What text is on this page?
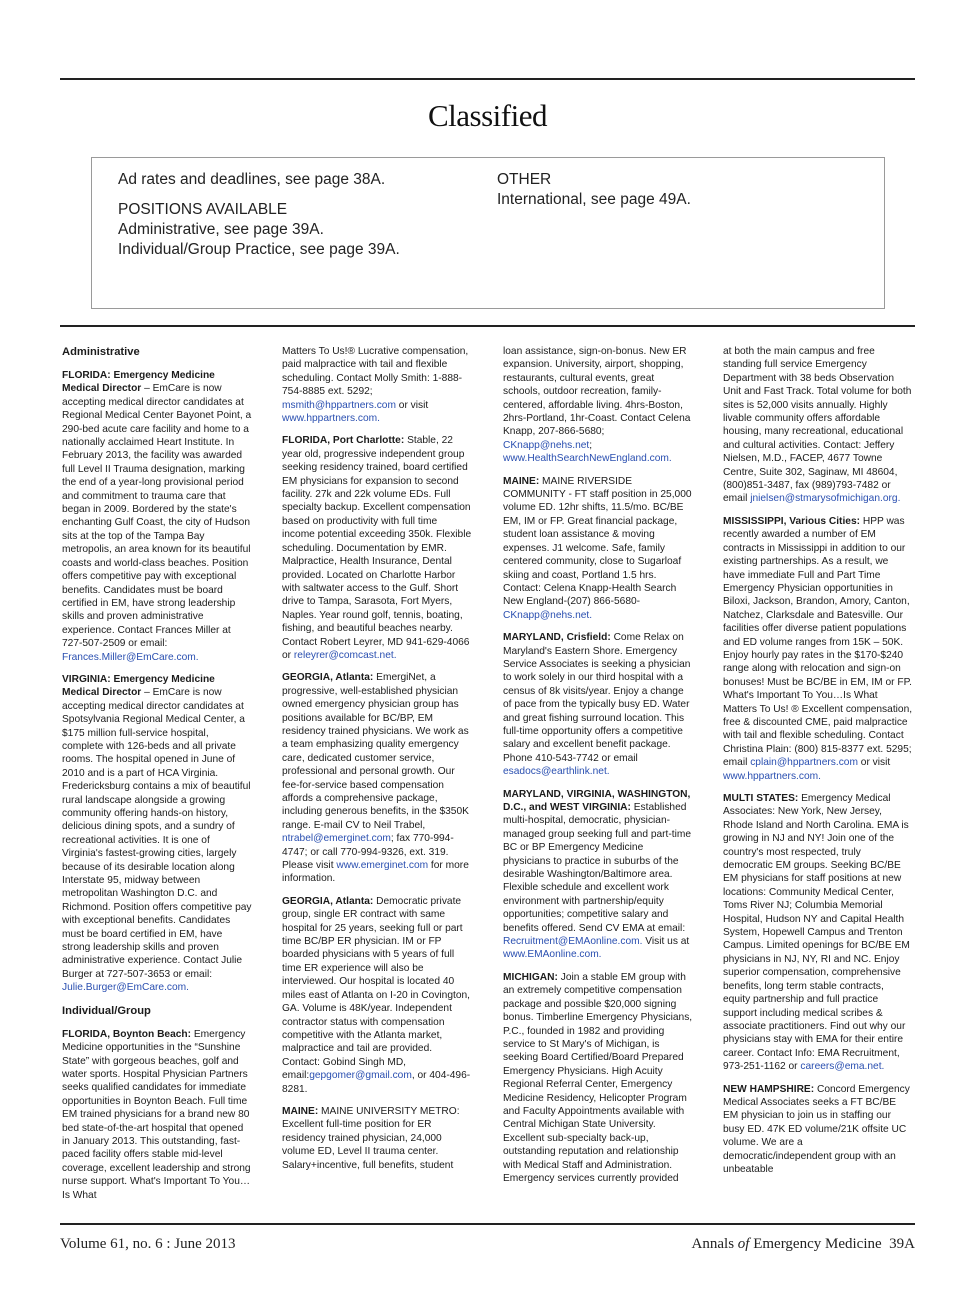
Classified
Ad rates and deadlines, see page 38A.
POSITIONS AVAILABLE
Administrative, see page 39A.
Individual/Group Practice, see page 39A.
OTHER
International, see page 49A.
Administrative

FLORIDA: Emergency Medicine Medical Director – EmCare is now accepting medical director candidates at Regional Medical Center Bayonet Point, a 290-bed acute care facility and home to a nationally acclaimed Heart Institute. In February 2013, the facility was awarded full Level II Trauma designation, marking the end of a year-long provisional period and commitment to trauma care that began in 2009. Bordered by the state's enchanting Gulf Coast, the city of Hudson sits at the top of the Tampa Bay metropolis, an area known for its beautiful coasts and world-class beaches. Position offers competitive pay with exceptional benefits. Candidates must be board certified in EM, have strong leadership skills and proven administrative experience. Contact Frances Miller at 727-507-2509 or email: Frances.Miller@EmCare.com.

VIRGINIA: Emergency Medicine Medical Director – EmCare is now accepting medical director candidates at Spotsylvania Regional Medical Center, a $175 million full-service hospital, complete with 126-beds and all private rooms. The hospital opened in June of 2010 and is a part of HCA Virginia. Fredericksburg contains a mix of beautiful rural landscape alongside a growing community offering hands-on history, delicious dining spots, and a sundry of recreational activities. It is one of Virginia's fastest-growing cities, largely because of its desirable location along Interstate 95, midway between metropolitan Washington D.C. and Richmond. Position offers competitive pay with exceptional benefits. Candidates must be board certified in EM, have strong leadership skills and proven administrative experience. Contact Julie Burger at 727-507-3653 or email: Julie.Burger@EmCare.com.

Individual/Group

FLORIDA, Boynton Beach: Emergency Medicine opportunities in the “Sunshine State” with gorgeous beaches, golf and water sports. Hospital Physician Partners seeks qualified candidates for immediate opportunities in Boynton Beach. Full time EM trained physicians for a brand new 80 bed state-of-the-art hospital that opened in January 2013. This outstanding, fast-paced facility offers stable mid-level coverage, excellent leadership and strong nurse support. What's Important To You…Is What

Matters To Us!® Lucrative compensation, paid malpractice with tail and flexible scheduling. Contact Molly Smith: 1-888-754-8885 ext. 5292; msmith@hppartners.com or visit www.hppartners.com.

FLORIDA, Port Charlotte: Stable, 22 year old, progressive independent group seeking residency trained, board certified EM physicians for expansion to second facility. 27k and 22k volume EDs. Full specialty backup. Excellent compensation based on productivity with full time income potential exceeding 350k. Flexible scheduling. Documentation by EMR. Malpractice, Health Insurance, Dental provided. Located on Charlotte Harbor with saltwater access to the Gulf. Short drive to Tampa, Sarasota, Fort Myers, Naples. Year round golf, tennis, boating, fishing, and beautiful beaches nearby. Contact Robert Leyrer, MD 941-629-4066 or releyrer@comcast.net.

GEORGIA, Atlanta: EmergiNet, a progressive, well-established physician owned emergency physician group has positions available for BC/BP, EM residency trained physicians. We work as a team emphasizing quality emergency care, dedicated customer service, professional and personal growth. Our fee-for-service based compensation affords a comprehensive package, including generous benefits, in the $350K range. E-mail CV to Neil Trabel, ntrabel@emerginet.com; fax 770-994-4747; or call 770-994-9326, ext. 319. Please visit www.emerginet.com for more information.

GEORGIA, Atlanta: Democratic private group, single ER contract with same hospital for 25 years, seeking full or part time BC/BP ER physician. IM or FP boarded physicians with 5 years of full time ER experience will also be interviewed. Our hospital is located 40 miles east of Atlanta on I-20 in Covington, GA. Volume is 48K/year. Independent contractor status with compensation competitive with the Atlanta market, malpractice and tail are provided. Contact: Gobind Singh MD, email:gepgomer@gmail.com, or 404-496-8281.

MAINE: MAINE UNIVERSITY METRO: Excellent full-time position for ER residency trained physician, 24,000 volume ED, Level II trauma center. Salary+incentive, full benefits, student

loan assistance, sign-on-bonus. New ER expansion. University, airport, shopping, restaurants, cultural events, great schools, outdoor recreation, family-centered, affordable living. 4hrs-Boston, 2hrs-Portland, 1hr-Coast. Contact Celena Knapp, 207-866-5680; CKnapp@nehs.net; www.HealthSearchNewEngland.com.

MAINE: MAINE RIVERSIDE COMMUNITY - FT staff position in 25,000 volume ED. 12hr shifts, 11.5/mo. BC/BE EM, IM or FP. Great financial package, student loan assistance & moving expenses. J1 welcome. Safe, family centered community, close to Sugarloaf skiing and coast, Portland 1.5 hrs. Contact: Celena Knapp-Health Search New England-(207) 866-5680- CKnapp@nehs.net.

MARYLAND, Crisfield: Come Relax on Maryland's Eastern Shore. Emergency Service Associates is seeking a physician to work solely in our third hospital with a census of 8k visits/year. Enjoy a change of pace from the typically busy ED. Water and great fishing surround location. This full-time opportunity offers a competitive salary and excellent benefit package. Phone 410-543-7742 or email esadocs@earthlink.net.

MARYLAND, VIRGINIA, WASHINGTON, D.C., and WEST VIRGINIA: Established multi-hospital, democratic, physician-managed group seeking full and part-time BC or BP Emergency Medicine physicians to practice in suburbs of the desirable Washington/Baltimore area. Flexible schedule and excellent work environment with partnership/equity opportunities; competitive salary and benefits offered. Send CV EMA at email: Recruitment@EMAonline.com. Visit us at www.EMAonline.com.

MICHIGAN: Join a stable EM group with an extremely competitive compensation package and possible $20,000 signing bonus. Timberline Emergency Physicians, P.C., founded in 1982 and providing service to St Mary's of Michigan, is seeking Board Certified/Board Prepared Emergency Physicians. High Acuity Regional Referral Center, Emergency Medicine Residency, Helicopter Program and Faculty Appointments available with Central Michigan State University. Excellent sub-specialty back-up, outstanding reputation and relationship with Medical Staff and Administration. Emergency services currently provided

at both the main campus and free standing full service Emergency Department with 38 beds Observation Unit and Fast Track. Total volume for both sites is 52,000 visits annually. Highly livable community offers affordable housing, many recreational, educational and cultural activities. Contact: Jeffery Nielsen, M.D., FACEP, 4677 Towne Centre, Suite 302, Saginaw, MI 48604, (800)851-3487, fax (989)793-7482 or email jnielsen@stmarysofmichigan.org.

MISSISSIPPI, Various Cities: HPP was recently awarded a number of EM contracts in Mississippi in addition to our existing partnerships. As a result, we have immediate Full and Part Time Emergency Physician opportunities in Biloxi, Jackson, Brandon, Amory, Canton, Natchez, Clarksdale and Batesville. Our facilities offer diverse patient populations and ED volume ranges from 15K – 50K. Enjoy hourly pay rates in the $170-$240 range along with relocation and sign-on bonuses! Must be BC/BE in EM, IM or FP. What's Important To You…Is What Matters To Us! ® Excellent compensation, free & discounted CME, paid malpractice with tail and flexible scheduling. Contact Christina Plain: (800) 815-8377 ext. 5295; email cplain@hppartners.com or visit www.hppartners.com.

MULTI STATES: Emergency Medical Associates: New York, New Jersey, Rhode Island and North Carolina. EMA is growing in NJ and NY! Join one of the country's most respected, truly democratic EM groups. Seeking BC/BE EM physicians for staff positions at new locations: Community Medical Center, Toms River NJ; Columbia Memorial Hospital, Hudson NY and Capital Health System, Hopewell Campus and Trenton Campus. Limited openings for BC/BE EM physicians in NJ, NY, RI and NC. Enjoy superior compensation, comprehensive benefits, long term stable contracts, equity partnership and full practice support including medical scribes & associate practitioners. Find out why our physicians stay with EMA for their entire career. Contact Info: EMA Recruitment, 973-251-1162 or careers@ema.net.

NEW HAMPSHIRE: Concord Emergency Medical Associates seeks a FT BC/BE EM physician to join us in staffing our busy ED. 47K ED volume/21K offsite UC volume. We are a democratic/independent group with an unbeatable

Volume 61, no. 6 : June 2013	Annals of Emergency Medicine 39A
